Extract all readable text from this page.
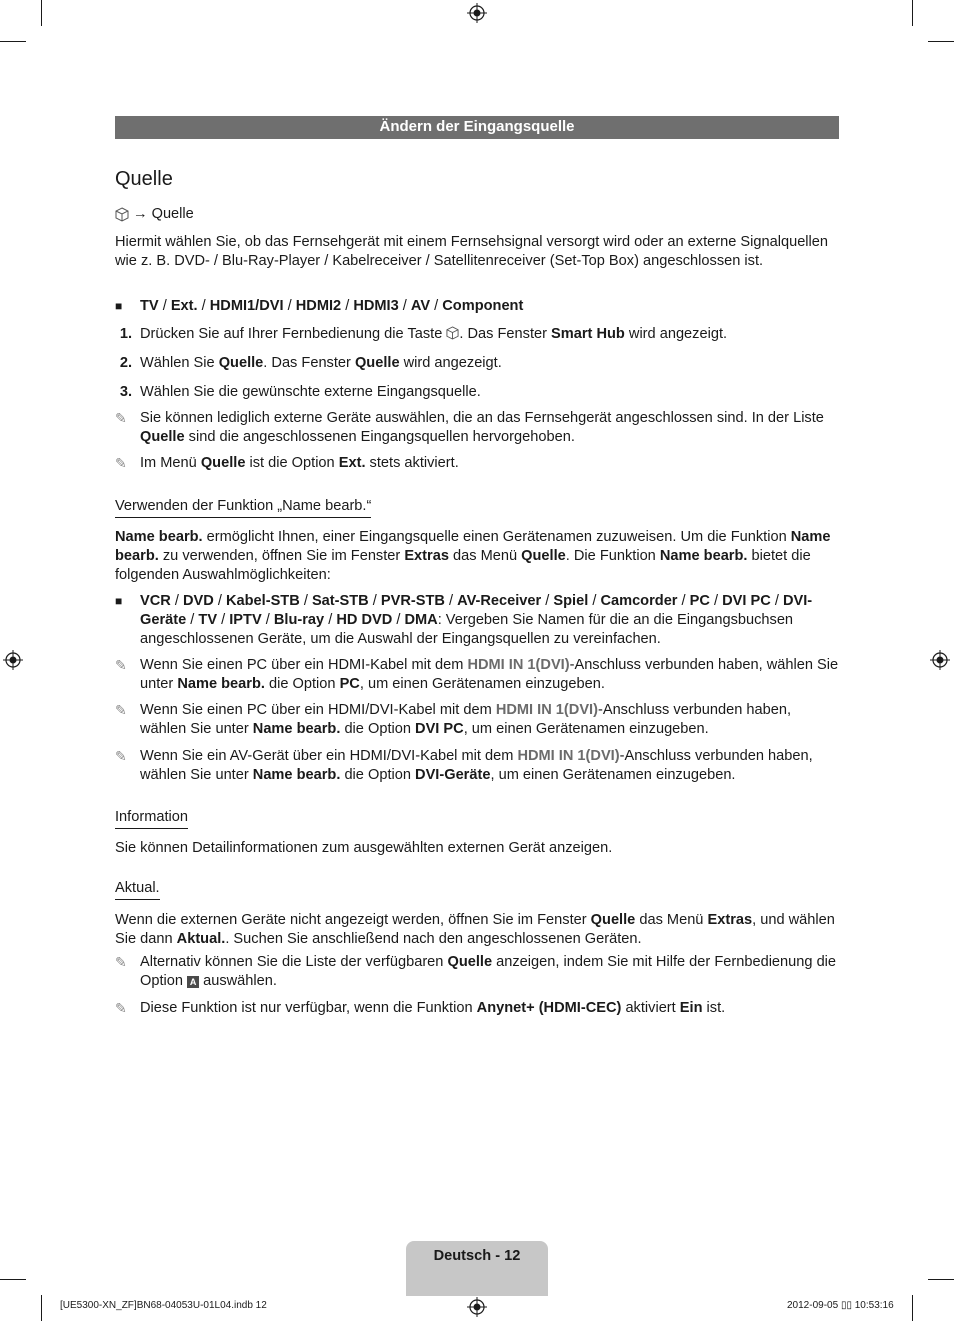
Ändern der Eingangsquelle
Quelle
→ Quelle
Hiermit wählen Sie, ob das Fernsehgerät mit einem Fernsehsignal versorgt wird oder an externe Signalquellen wie z. B. DVD- / Blu-Ray-Player / Kabelreceiver / Satellitenreceiver (Set-Top Box) angeschlossen ist.
■	TV / Ext. / HDMI1/DVI / HDMI2 / HDMI3 / AV / Component
1. Drücken Sie auf Ihrer Fernbedienung die Taste . Das Fenster Smart Hub wird angezeigt.
2. Wählen Sie Quelle. Das Fenster Quelle wird angezeigt.
3. Wählen Sie die gewünschte externe Eingangsquelle.
✎ Sie können lediglich externe Geräte auswählen, die an das Fernsehgerät angeschlossen sind. In der Liste Quelle sind die angeschlossenen Eingangsquellen hervorgehoben.
✎ Im Menü Quelle ist die Option Ext. stets aktiviert.
Verwenden der Funktion „Name bearb.“
Name bearb. ermöglicht Ihnen, einer Eingangsquelle einen Gerätenamen zuzuweisen. Um die Funktion Name bearb. zu verwenden, öffnen Sie im Fenster Extras das Menü Quelle. Die Funktion Name bearb. bietet die folgenden Auswahlmöglichkeiten:
■	VCR / DVD / Kabel-STB / Sat-STB / PVR-STB / AV-Receiver / Spiel / Camcorder / PC / DVI PC / DVI-Geräte / TV / IPTV / Blu-ray / HD DVD / DMA: Vergeben Sie Namen für die an die Eingangsbuchsen angeschlossenen Geräte, um die Auswahl der Eingangsquellen zu vereinfachen.
✎ Wenn Sie einen PC über ein HDMI-Kabel mit dem HDMI IN 1(DVI)-Anschluss verbunden haben, wählen Sie unter Name bearb. die Option PC, um einen Gerätenamen einzugeben.
✎ Wenn Sie einen PC über ein HDMI/DVI-Kabel mit dem HDMI IN 1(DVI)-Anschluss verbunden haben, wählen Sie unter Name bearb. die Option DVI PC, um einen Gerätenamen einzugeben.
✎ Wenn Sie ein AV-Gerät über ein HDMI/DVI-Kabel mit dem HDMI IN 1(DVI)-Anschluss verbunden haben, wählen Sie unter Name bearb. die Option DVI-Geräte, um einen Gerätenamen einzugeben.
Information
Sie können Detailinformationen zum ausgewählten externen Gerät anzeigen.
Aktual.
Wenn die externen Geräte nicht angezeigt werden, öffnen Sie im Fenster Quelle das Menü Extras, und wählen Sie dann Aktual.. Suchen Sie anschließend nach den angeschlossenen Geräten.
✎ Alternativ können Sie die Liste der verfügbaren Quelle anzeigen, indem Sie mit Hilfe der Fernbedienung die Option A auswählen.
✎ Diese Funktion ist nur verfügbar, wenn die Funktion Anynet+ (HDMI-CEC) aktiviert Ein ist.
Deutsch - 12
[UE5300-XN_ZF]BN68-04053U-01L04.indb 12	2012-09-05 ▯▯ 10:53:16
